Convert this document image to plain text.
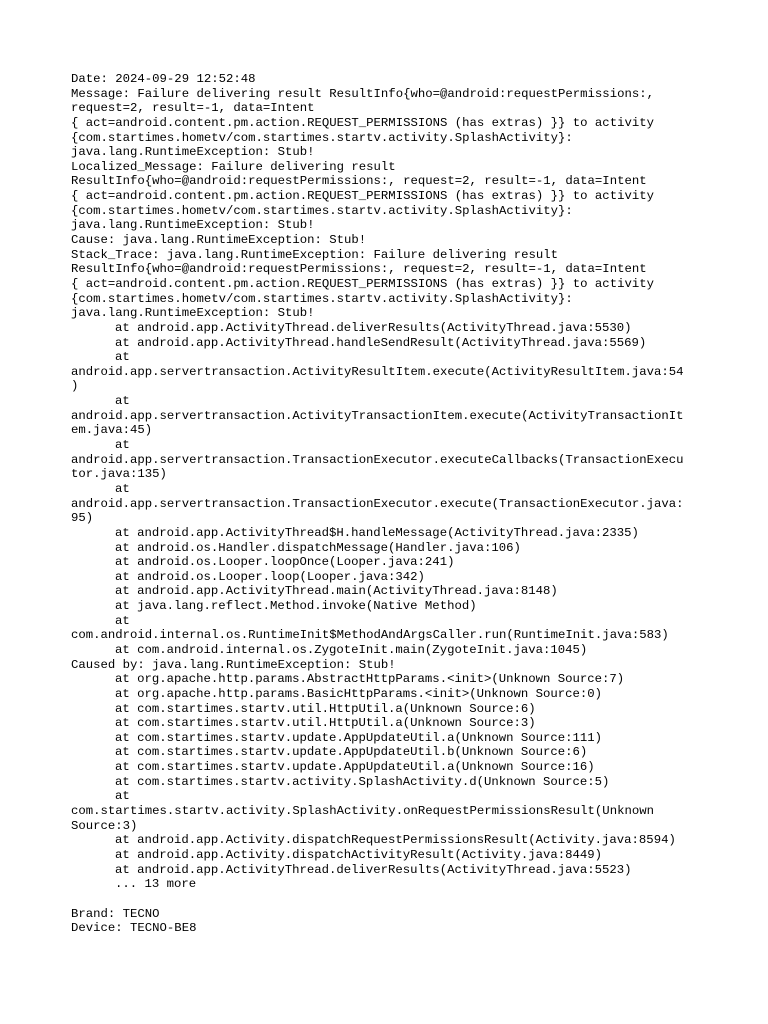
Date: 2024-09-29 12:52:48
Message: Failure delivering result ResultInfo{who=@android:requestPermissions:,
request=2, result=-1, data=Intent
{ act=android.content.pm.action.REQUEST_PERMISSIONS (has extras) }} to activity
{com.startimes.hometv/com.startimes.startv.activity.SplashActivity}:
java.lang.RuntimeException: Stub!
Localized_Message: Failure delivering result
ResultInfo{who=@android:requestPermissions:, request=2, result=-1, data=Intent
{ act=android.content.pm.action.REQUEST_PERMISSIONS (has extras) }} to activity
{com.startimes.hometv/com.startimes.startv.activity.SplashActivity}:
java.lang.RuntimeException: Stub!
Cause: java.lang.RuntimeException: Stub!
Stack_Trace: java.lang.RuntimeException: Failure delivering result
ResultInfo{who=@android:requestPermissions:, request=2, result=-1, data=Intent
{ act=android.content.pm.action.REQUEST_PERMISSIONS (has extras) }} to activity
{com.startimes.hometv/com.startimes.startv.activity.SplashActivity}:
java.lang.RuntimeException: Stub!
at android.app.ActivityThread.deliverResults(ActivityThread.java:5530)
at android.app.ActivityThread.handleSendResult(ActivityThread.java:5569)
at
android.app.servertransaction.ActivityResultItem.execute(ActivityResultItem.java:54
)
at
android.app.servertransaction.ActivityTransactionItem.execute(ActivityTransactionIt
em.java:45)
at
android.app.servertransaction.TransactionExecutor.executeCallbacks(TransactionExecu
tor.java:135)
at
android.app.servertransaction.TransactionExecutor.execute(TransactionExecutor.java:
95)
at android.app.ActivityThread$H.handleMessage(ActivityThread.java:2335)
at android.os.Handler.dispatchMessage(Handler.java:106)
at android.os.Looper.loopOnce(Looper.java:241)
at android.os.Looper.loop(Looper.java:342)
at android.app.ActivityThread.main(ActivityThread.java:8148)
at java.lang.reflect.Method.invoke(Native Method)
at
com.android.internal.os.RuntimeInit$MethodAndArgsCaller.run(RuntimeInit.java:583)
at com.android.internal.os.ZygoteInit.main(ZygoteInit.java:1045)
Caused by: java.lang.RuntimeException: Stub!
at org.apache.http.params.AbstractHttpParams.<init>(Unknown Source:7)
at org.apache.http.params.BasicHttpParams.<init>(Unknown Source:0)
at com.startimes.startv.util.HttpUtil.a(Unknown Source:6)
at com.startimes.startv.util.HttpUtil.a(Unknown Source:3)
at com.startimes.startv.update.AppUpdateUtil.a(Unknown Source:111)
at com.startimes.startv.update.AppUpdateUtil.b(Unknown Source:6)
at com.startimes.startv.update.AppUpdateUtil.a(Unknown Source:16)
at com.startimes.startv.activity.SplashActivity.d(Unknown Source:5)
at
com.startimes.startv.activity.SplashActivity.onRequestPermissionsResult(Unknown
Source:3)
at android.app.Activity.dispatchRequestPermissionsResult(Activity.java:8594)
at android.app.Activity.dispatchActivityResult(Activity.java:8449)
at android.app.ActivityThread.deliverResults(ActivityThread.java:5523)
... 13 more
Brand: TECNO
Device: TECNO-BE8
